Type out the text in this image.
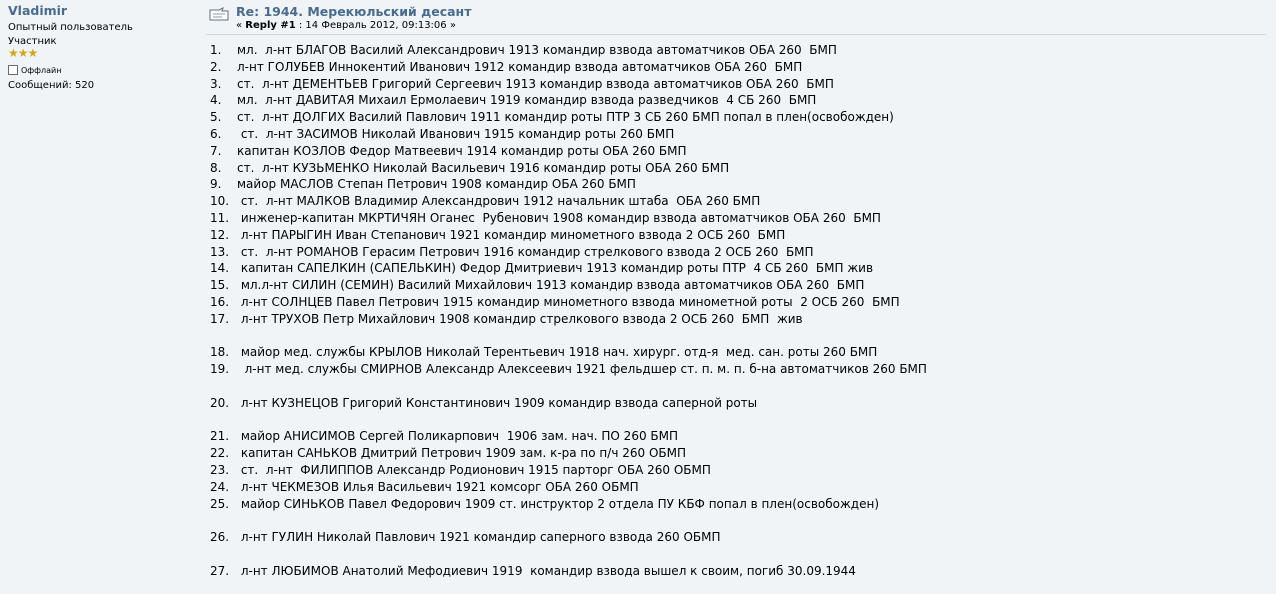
Vladimir
Опытный пользователь
Участник
★★★
Оффлайн
Сообщений: 520
Re: 1944. Мерекюльский десант
« Reply #1 : 14 Февраль 2012, 09:13:06 »
1.	мл.  л-нт БЛАГОВ Василий Александрович 1913 командир взвода автоматчиков ОБА 260  БМП
2.	л-нт ГОЛУБЕВ Иннокентий Иванович 1912 командир взвода автоматчиков ОБА 260  БМП
3.	ст.  л-нт ДЕМЕНТЬЕВ Григорий Сергеевич 1913 командир взвода автоматчиков ОБА 260  БМП
4.	мл.  л-нт ДАВИТАЯ Михаил Ермолаевич 1919 командир взвода разведчиков  4 СБ 260  БМП
5.	ст.  л-нт ДОЛГИХ Василий Павлович 1911 командир роты ПТР 3 СБ 260 БМП попал в плен(освобожден)
6.	ст.  л-нт ЗАСИМОВ Николай Иванович 1915 командир роты 260 БМП
7.	капитан КОЗЛОВ Федор Матвеевич 1914 командир роты ОБА 260 БМП
8.	ст.  л-нт КУЗЬМЕНКО Николай Васильевич 1916 командир роты ОБА 260 БМП
9.	майор МАСЛОВ Степан Петрович 1908 командир ОБА 260 БМП
10. ст.  л-нт МАЛКОВ Владимир Александрович 1912 начальник штаба  ОБА 260 БМП
11. инженер-капитан МКРТИЧЯН Оганес  Рубенович 1908 командир взвода автоматчиков ОБА 260  БМП
12. л-нт ПАРЫГИН Иван Степанович 1921 командир минометного взвода 2 ОСБ 260  БМП
13. ст.  л-нт РОМАНОВ Герасим Петрович 1916 командир стрелкового взвода 2 ОСБ 260  БМП
14. капитан САПЕЛКИН (САПЕЛЬКИН) Федор Дмитриевич 1913 командир роты ПТР  4 СБ 260  БМП жив
15. мл.л-нт СИЛИН (СЕМИН) Василий Михайлович 1913 командир взвода автоматчиков ОБА 260  БМП
16. л-нт СОЛНЦЕВ Павел Петрович 1915 командир минометного взвода минометной роты  2 ОСБ 260  БМП
17. л-нт ТРУХОВ Петр Михайлович 1908 командир стрелкового взвода 2 ОСБ 260  БМП  жив
18. майор мед. службы КРЫЛОВ Николай Терентьевич 1918 нач. хирург. отд-я  мед. сан. роты 260 БМП
19. л-нт мед. службы СМИРНОВ Александр Алексеевич 1921 фельдшер ст. п. м. п. б-на автоматчиков 260 БМП
20. л-нт КУЗНЕЦОВ Григорий Константинович 1909 командир взвода саперной роты
21. майор АНИСИМОВ Сергей Поликарпович  1906 зам. нач. ПО 260 БМП
22. капитан САНЬКОВ Дмитрий Петрович 1909 зам. к-ра по п/ч 260 ОБМП
23. ст.  л-нт  ФИЛИППОВ Александр Родионович 1915 парторг ОБА 260 ОБМП
24. л-нт ЧЕКМЕЗОВ Илья Васильевич 1921 комсорг ОБА 260 ОБМП
25. майор СИНЬКОВ Павел Федорович 1909 ст. инструктор 2 отдела ПУ КБФ попал в плен(освобожден)
26. л-нт ГУЛИН Николай Павлович 1921 командир саперного взвода 260 ОБМП
27. л-нт ЛЮБИМОВ Анатолий Мефодиевич 1919  командир взвода вышел к своим, погиб 30.09.1944
